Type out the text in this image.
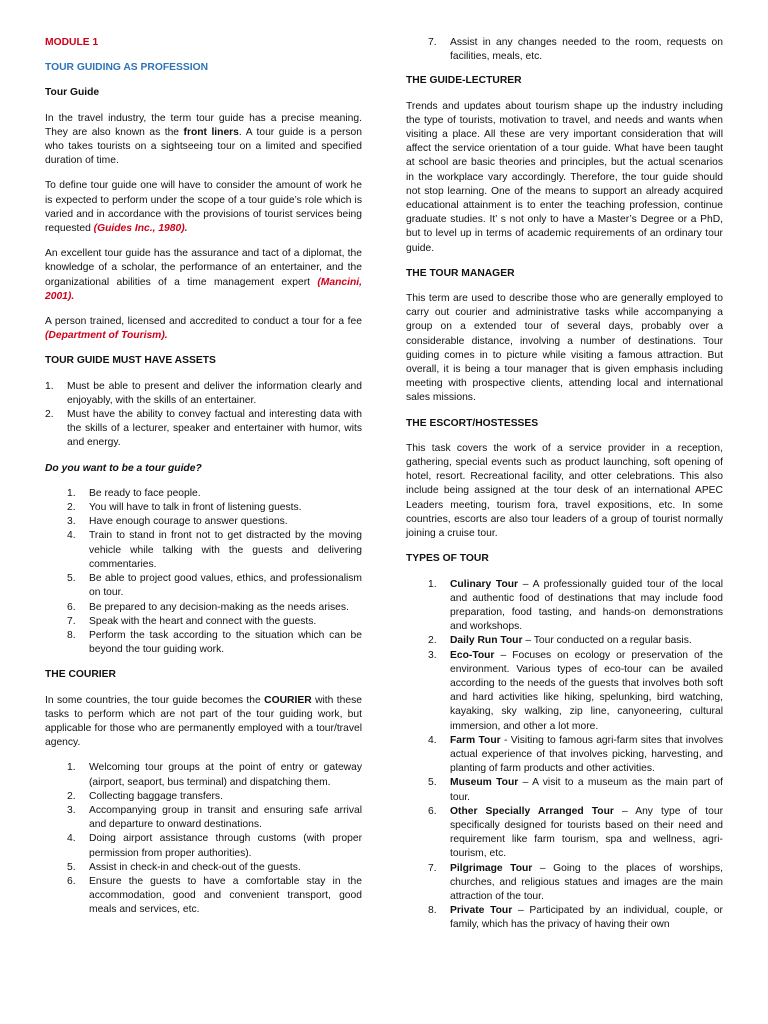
MODULE 1
TOUR GUIDING AS PROFESSION
Tour Guide

In the travel industry, the term tour guide has a precise meaning. They are also known as the front liners. A tour guide is a person who takes tourists on a sightseeing tour on a limited and specified duration of time.

To define tour guide one will have to consider the amount of work he is expected to perform under the scope of a tour guide’s role which is varied and in accordance with the provisions of tourist services being requested (Guides Inc., 1980).

An excellent tour guide has the assurance and tact of a diplomat, the knowledge of a scholar, the performance of an entertainer, and the organizational abilities of a time management expert (Mancini, 2001).

A person trained, licensed and accredited to conduct a tour for a fee (Department of Tourism).

TOUR GUIDE MUST HAVE ASSETS
1.	Must be able to present and deliver the information clearly and enjoyably, with the skills of an entertainer.
2.	Must have the ability to convey factual and interesting data with the skills of a lecturer, speaker and entertainer with humor, wits and energy.
Do you want to be a tour guide?
1.	Be ready to face people.
2.	You will have to talk in front of listening guests.
3.	Have enough courage to answer questions.
4.	Train to stand in front not to get distracted by the moving vehicle while talking with the guests and delivering commentaries.
5.	Be able to project good values, ethics, and professionalism on tour.
6.	Be prepared to any decision-making as the needs arises.
7.	Speak with the heart and connect with the guests.
8.	Perform the task according to the situation which can be beyond the tour guiding work.
THE COURIER

In some countries, the tour guide becomes the COURIER with these tasks to perform which are not part of the tour guiding work, but applicable for those who are permanently employed with a tour/travel agency.

1.	Welcoming tour groups at the point of entry or gateway (airport, seaport, bus terminal) and dispatching them.
2.	Collecting baggage transfers.
3.	Accompanying group in transit and ensuring safe arrival and departure to onward destinations.
4.	Doing airport assistance through customs (with proper permission from proper authorities).
5.	Assist in check-in and check-out of the guests.
6.	Ensure the guests to have a comfortable stay in the accommodation, good and convenient transport, good meals and services, etc.
7.	Assist in any changes needed to the room, requests on facilities, meals, etc.
THE GUIDE-LECTURER

Trends and updates about tourism shape up the industry including the type of tourists, motivation to travel, and needs and wants when visiting a place. All these are very important consideration that will affect the service orientation of a tour guide. What have been taught at school are basic theories and principles, but the actual scenarios in the workplace vary accordingly. Therefore, the tour guide should not stop learning. One of the means to support an already acquired educational attainment is to enter the teaching profession, continue graduate studies. It’ s not only to have a Master’s Degree or a PhD, but to level up in terms of academic requirements of an ordinary tour guide.

THE TOUR MANAGER

This term are used to describe those who are generally employed to carry out courier and administrative tasks while accompanying a group on a extended tour of several days, probably over a considerable distance, involving a number of destinations. Tour guiding comes in to picture while visiting a famous attraction. But overall, it is being a tour manager that is given emphasis including meeting with prospective clients, attending local and international sales missions.

THE ESCORT/HOSTESSES

This task covers the work of a service provider in a reception, gathering, special events such as product launching, soft opening of hotel, resort. Recreational facility, and otter celebrations. This also include being assigned at the tour desk of an international APEC Leaders meeting, tourism fora, travel expositions, etc. In some countries, escorts are also tour leaders of a group of tourist normally joining a cruise tour.

TYPES OF TOUR
1.	Culinary Tour – A professionally guided tour of the local and authentic food of destinations that may include food preparation, food tasting, and hands-on demonstrations and workshops.
2.	Daily Run Tour – Tour conducted on a regular basis.
3.	Eco-Tour – Focuses on ecology or preservation of the environment. Various types of eco-tour can be availed according to the needs of the guests that involves both soft and hard activities like hiking, spelunking, bird watching, kayaking, sky walking, zip line, canyoneering, cultural immersion, and other a lot more.
4.	Farm Tour - Visiting to famous agri-farm sites that involves actual experience of that involves picking, harvesting, and planting of farm products and other activities.
5.	Museum Tour – A visit to a museum as the main part of tour.
6.	Other Specially Arranged Tour – Any type of tour specifically designed for tourists based on their need and requirement like farm tourism, spa and wellness, agri-tourism, etc.
7.	Pilgrimage Tour – Going to the places of worships, churches, and religious statues and images are the main attraction of the tour.
8.	Private Tour – Participated by an individual, couple, or family, which has the privacy of having their own
